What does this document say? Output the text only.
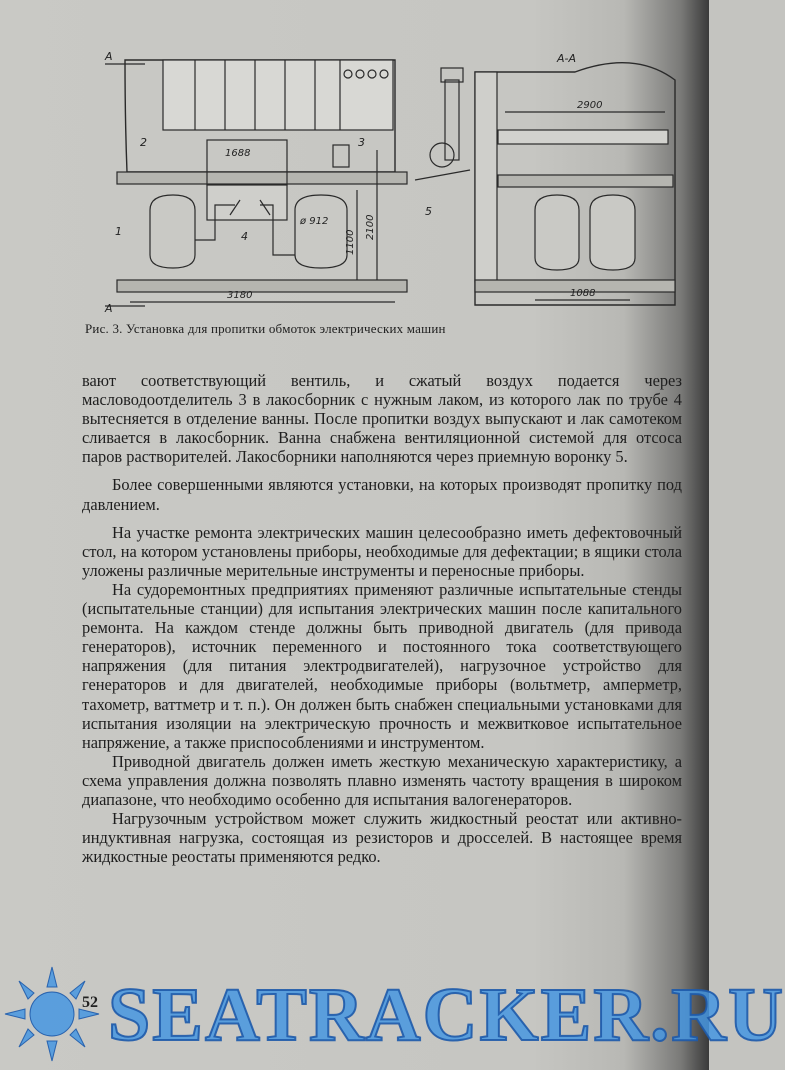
А
А
А-А
1
2	3
4
5
1688
ø 912
1100
2100
3180
2900
1088
Рис. 3. Установка для пропитки обмоток электрических машин

вают соответствующий вентиль, и сжатый воздух подается через масловодоотделитель 3 в лакосборник с нужным лаком, из которого лак по трубе 4 вытесняется в отделение ванны. После пропитки воздух выпускают и лак самотеком сливается в лакосборник. Ванна снабжена вентиляционной системой для отсоса паров растворителей. Лакосборники наполняются через приемную воронку 5.

Более совершенными являются установки, на которых производят пропитку под давлением.

На участке ремонта электрических машин целесообразно иметь дефектовочный стол, на котором установлены приборы, необходимые для дефектации; в ящики стола уложены различные мерительные инструменты и переносные приборы.

На судоремонтных предприятиях применяют различные испытательные стенды (испытательные станции) для испытания электрических машин после капитального ремонта. На каждом стенде должны быть приводной двигатель (для привода генераторов), источник переменного и постоянного тока соответствующего напряжения (для питания электродвигателей), нагрузочное устройство для генераторов и для двигателей, необходимые приборы (вольтметр, амперметр, тахометр, ваттметр и т. п.). Он должен быть снабжен специальными установками для испытания изоляции на электрическую прочность и межвитковое испытательное напряжение, а также приспособлениями и инструментом.

Приводной двигатель должен иметь жесткую механическую характеристику, а схема управления должна позволять плавно изменять частоту вращения в широком диапазоне, что необходимо особенно для испытания валогенераторов.

Нагрузочным устройством может служить жидкостный реостат или активно-индуктивная нагрузка, состоящая из резисторов и дросселей. В настоящее время жидкостные реостаты применяются редко.

52 SEATRACKER.RU
